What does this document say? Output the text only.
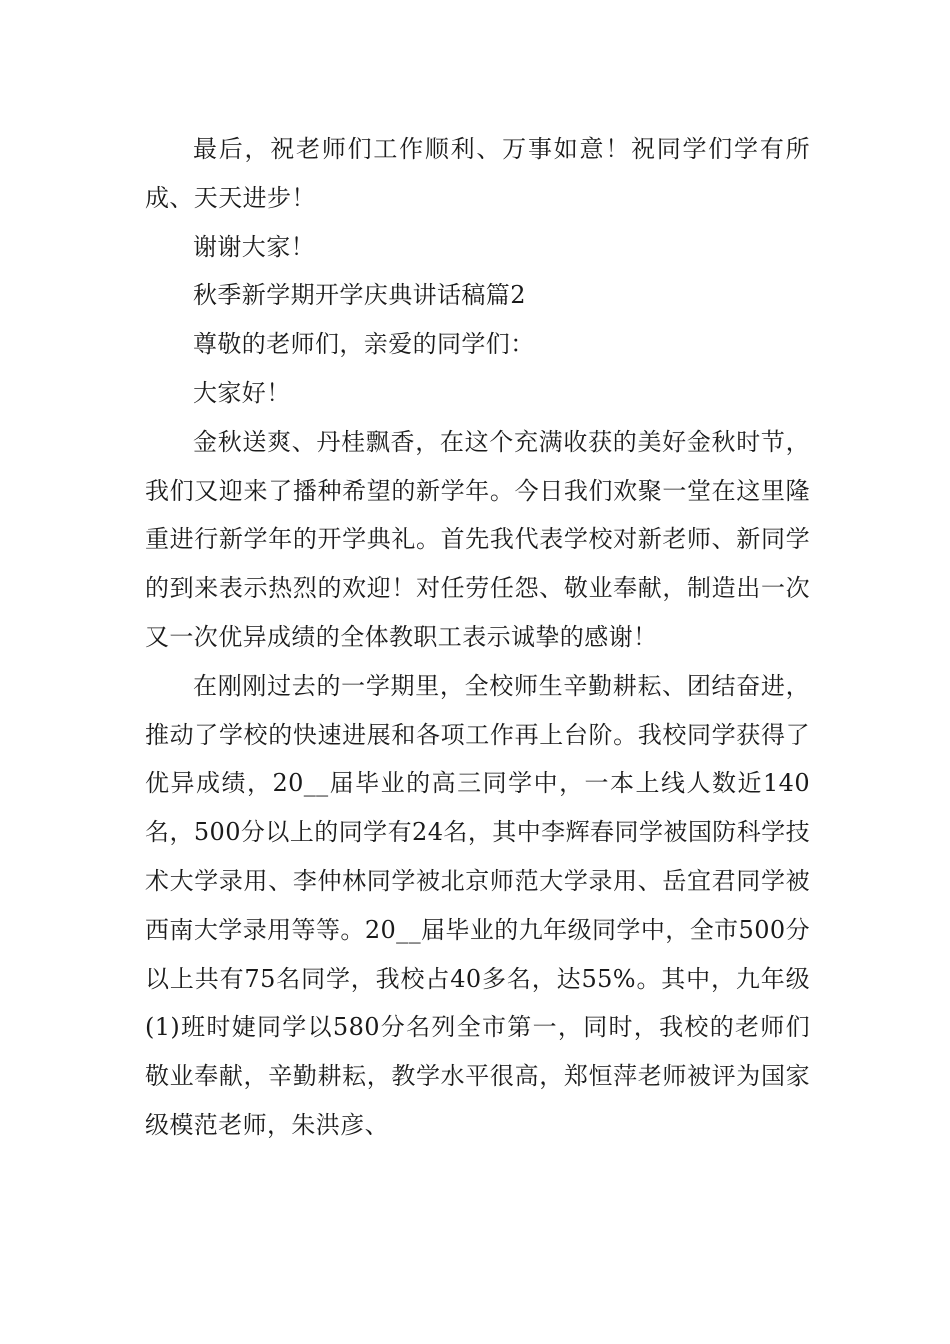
最后，祝老师们工作顺利、万事如意！祝同学们学有所成、天天进步！

谢谢大家！

秋季新学期开学庆典讲话稿篇2

尊敬的老师们，亲爱的同学们：

大家好！

金秋送爽、丹桂飘香，在这个充满收获的美好金秋时节，我们又迎来了播种希望的新学年。今日我们欢聚一堂在这里隆重进行新学年的开学典礼。首先我代表学校对新老师、新同学的到来表示热烈的欢迎！对任劳任怨、敬业奉献，制造出一次又一次优异成绩的全体教职工表示诚挚的感谢！

在刚刚过去的一学期里，全校师生辛勤耕耘、团结奋进，推动了学校的快速进展和各项工作再上台阶。我校同学获得了优异成绩，20__届毕业的高三同学中，一本上线人数近140名，500分以上的同学有24名，其中李辉春同学被国防科学技术大学录用、李仲林同学被北京师范大学录用、岳宜君同学被西南大学录用等等。20__届毕业的九年级同学中，全市500分以上共有75名同学，我校占40多名，达55%。其中，九年级(1)班时婕同学以580分名列全市第一，同时，我校的老师们敬业奉献，辛勤耕耘，教学水平很高，郑恒萍老师被评为国家级模范老师，朱洪彦、
